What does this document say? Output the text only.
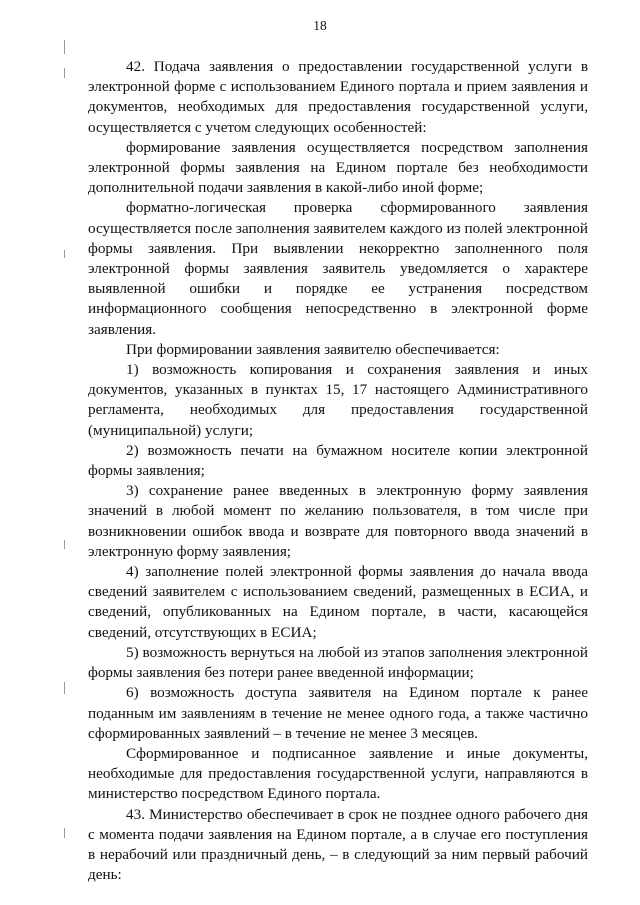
18

42. Подача заявления о предоставлении государственной услуги в электронной форме с использованием Единого портала и прием заявления и документов, необходимых для предоставления государственной услуги, осуществляется с учетом следующих особенностей:

формирование заявления осуществляется посредством заполнения электронной формы заявления на Едином портале без необходимости дополнительной подачи заявления в какой-либо иной форме;

форматно-логическая проверка сформированного заявления осуществляется после заполнения заявителем каждого из полей электронной формы заявления. При выявлении некорректно заполненного поля электронной формы заявления заявитель уведомляется о характере выявленной ошибки и порядке ее устранения посредством информационного сообщения непосредственно в электронной форме заявления.

При формировании заявления заявителю обеспечивается:

1) возможность копирования и сохранения заявления и иных документов, указанных в пунктах 15, 17 настоящего Административного регламента, необходимых для предоставления государственной (муниципальной) услуги;

2) возможность печати на бумажном носителе копии электронной формы заявления;

3) сохранение ранее введенных в электронную форму заявления значений в любой момент по желанию пользователя, в том числе при возникновении ошибок ввода и возврате для повторного ввода значений в электронную форму заявления;

4) заполнение полей электронной формы заявления до начала ввода сведений заявителем с использованием сведений, размещенных в ЕСИА, и сведений, опубликованных на Едином портале, в части, касающейся сведений, отсутствующих в ЕСИА;

5) возможность вернуться на любой из этапов заполнения электронной формы заявления без потери ранее введенной информации;

6) возможность доступа заявителя на Едином портале к ранее поданным им заявлениям в течение не менее одного года, а также частично сформированных заявлений – в течение не менее 3 месяцев.

Сформированное и подписанное заявление и иные документы, необходимые для предоставления государственной услуги, направляются в министерство посредством Единого портала.

43. Министерство обеспечивает в срок не позднее одного рабочего дня с момента подачи заявления на Едином портале, а в случае его поступления в нерабочий или праздничный день, – в следующий за ним первый рабочий день:
